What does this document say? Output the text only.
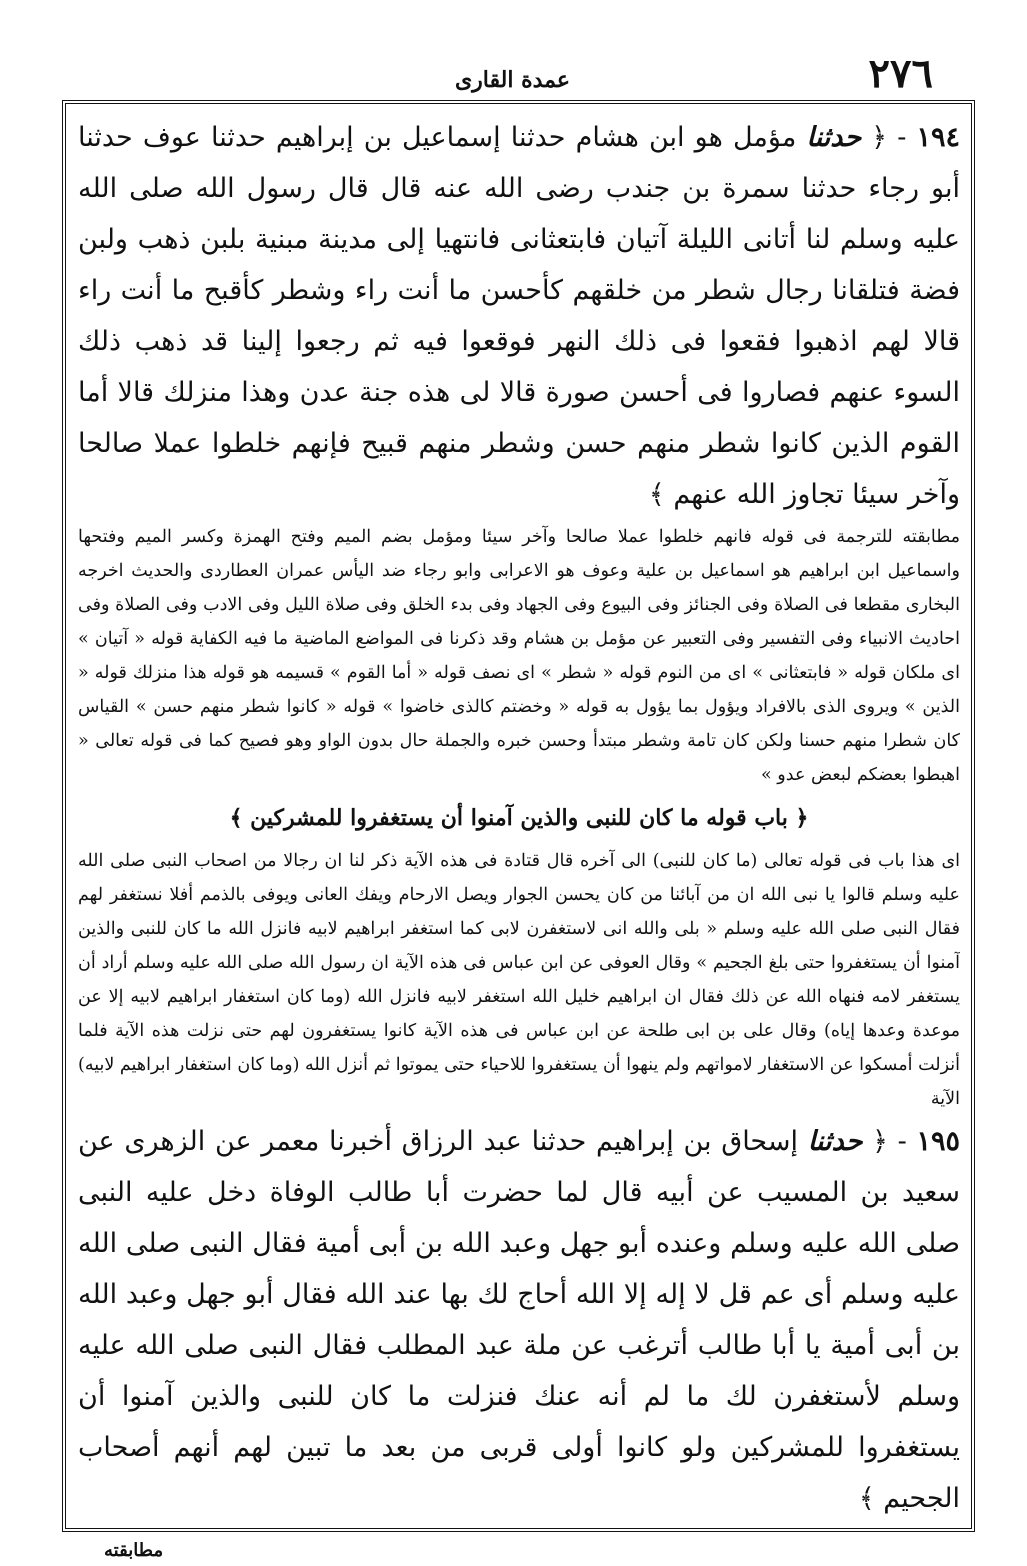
٢٧٦
عمدة القارى

١٩٤ - ﴿ حدثنا مؤمل هو ابن هشام حدثنا إسماعيل بن إبراهيم حدثنا عوف حدثنا أبو رجاء حدثنا سمرة بن جندب رضى الله عنه قال قال رسول الله صلى الله عليه وسلم لنا أتانى الليلة آتيان فابتعثانى فانتهيا إلى مدينة مبنية بلبن ذهب ولبن فضة فتلقانا رجال شطر من خلقهم كأحسن ما أنت راء وشطر كأقبح ما أنت راء قالا لهم اذهبوا فقعوا فى ذلك النهر فوقعوا فيه ثم رجعوا إلينا قد ذهب ذلك السوء عنهم فصاروا فى أحسن صورة قالا لى هذه جنة عدن وهذا منزلك قالا أما القوم الذين كانوا شطر منهم حسن وشطر منهم قبيح فإنهم خلطوا عملا صالحا وآخر سيئا تجاوز الله عنهم ﴾

مطابقته للترجمة فى قوله فانهم خلطوا عملا صالحا وآخر سيئا ومؤمل بضم الميم وفتح الهمزة وكسر الميم وفتحها واسماعيل ابن ابراهيم هو اسماعيل بن علية وعوف هو الاعرابى وابو رجاء ضد اليأس عمران العطاردى والحديث اخرجه البخارى مقطعا فى الصلاة وفى الجنائز وفى البيوع وفى الجهاد وفى بدء الخلق وفى صلاة الليل وفى الادب وفى الصلاة وفى احاديث الانبياء وفى التفسير وفى التعبير عن مؤمل بن هشام وقد ذكرنا فى المواضع الماضية ما فيه الكفاية قوله « آتيان » اى ملكان قوله « فابتعثانى » اى من النوم قوله « شطر » اى نصف قوله « أما القوم » قسيمه هو قوله هذا منزلك قوله « الذين » ويروى الذى بالافراد ويؤول بما يؤول به قوله « وخضتم كالذى خاضوا » قوله « كانوا شطر منهم حسن » القياس كان شطرا منهم حسنا ولكن كان تامة وشطر مبتدأ وحسن خبره والجملة حال بدون الواو وهو فصيح كما فى قوله تعالى « اهبطوا بعضكم لبعض عدو »

﴿ باب قوله ما كان للنبى والذين آمنوا أن يستغفروا للمشركين ﴾

اى هذا باب فى قوله تعالى (ما كان للنبى) الى آخره قال قتادة فى هذه الآية ذكر لنا ان رجالا من اصحاب النبى صلى الله عليه وسلم قالوا يا نبى الله ان من آبائنا من كان يحسن الجوار ويصل الارحام ويفك العانى ويوفى بالذمم أفلا نستغفر لهم فقال النبى صلى الله عليه وسلم « بلى والله انى لاستغفرن لابى كما استغفر ابراهيم لابيه فانزل الله ما كان للنبى والذين آمنوا أن يستغفروا حتى بلغ الجحيم » وقال العوفى عن ابن عباس فى هذه الآية ان رسول الله صلى الله عليه وسلم أراد أن يستغفر لامه فنهاه الله عن ذلك فقال ان ابراهيم خليل الله استغفر لابيه فانزل الله (وما كان استغفار ابراهيم لابيه إلا عن موعدة وعدها إياه) وقال على بن ابى طلحة عن ابن عباس فى هذه الآية كانوا يستغفرون لهم حتى نزلت هذه الآية فلما أنزلت أمسكوا عن الاستغفار لامواتهم ولم ينهوا أن يستغفروا للاحياء حتى يموتوا ثم أنزل الله (وما كان استغفار ابراهيم لابيه) الآية

١٩٥ - ﴿ حدثنا إسحاق بن إبراهيم حدثنا عبد الرزاق أخبرنا معمر عن الزهرى عن سعيد بن المسيب عن أبيه قال لما حضرت أبا طالب الوفاة دخل عليه النبى صلى الله عليه وسلم وعنده أبو جهل وعبد الله بن أبى أمية فقال النبى صلى الله عليه وسلم أى عم قل لا إله إلا الله أحاج لك بها عند الله فقال أبو جهل وعبد الله بن أبى أمية يا أبا طالب أترغب عن ملة عبد المطلب فقال النبى صلى الله عليه وسلم لأستغفرن لك ما لم أنه عنك فنزلت ما كان للنبى والذين آمنوا أن يستغفروا للمشركين ولو كانوا أولى قربى من بعد ما تبين لهم أنهم أصحاب الجحيم ﴾

مطابقته
